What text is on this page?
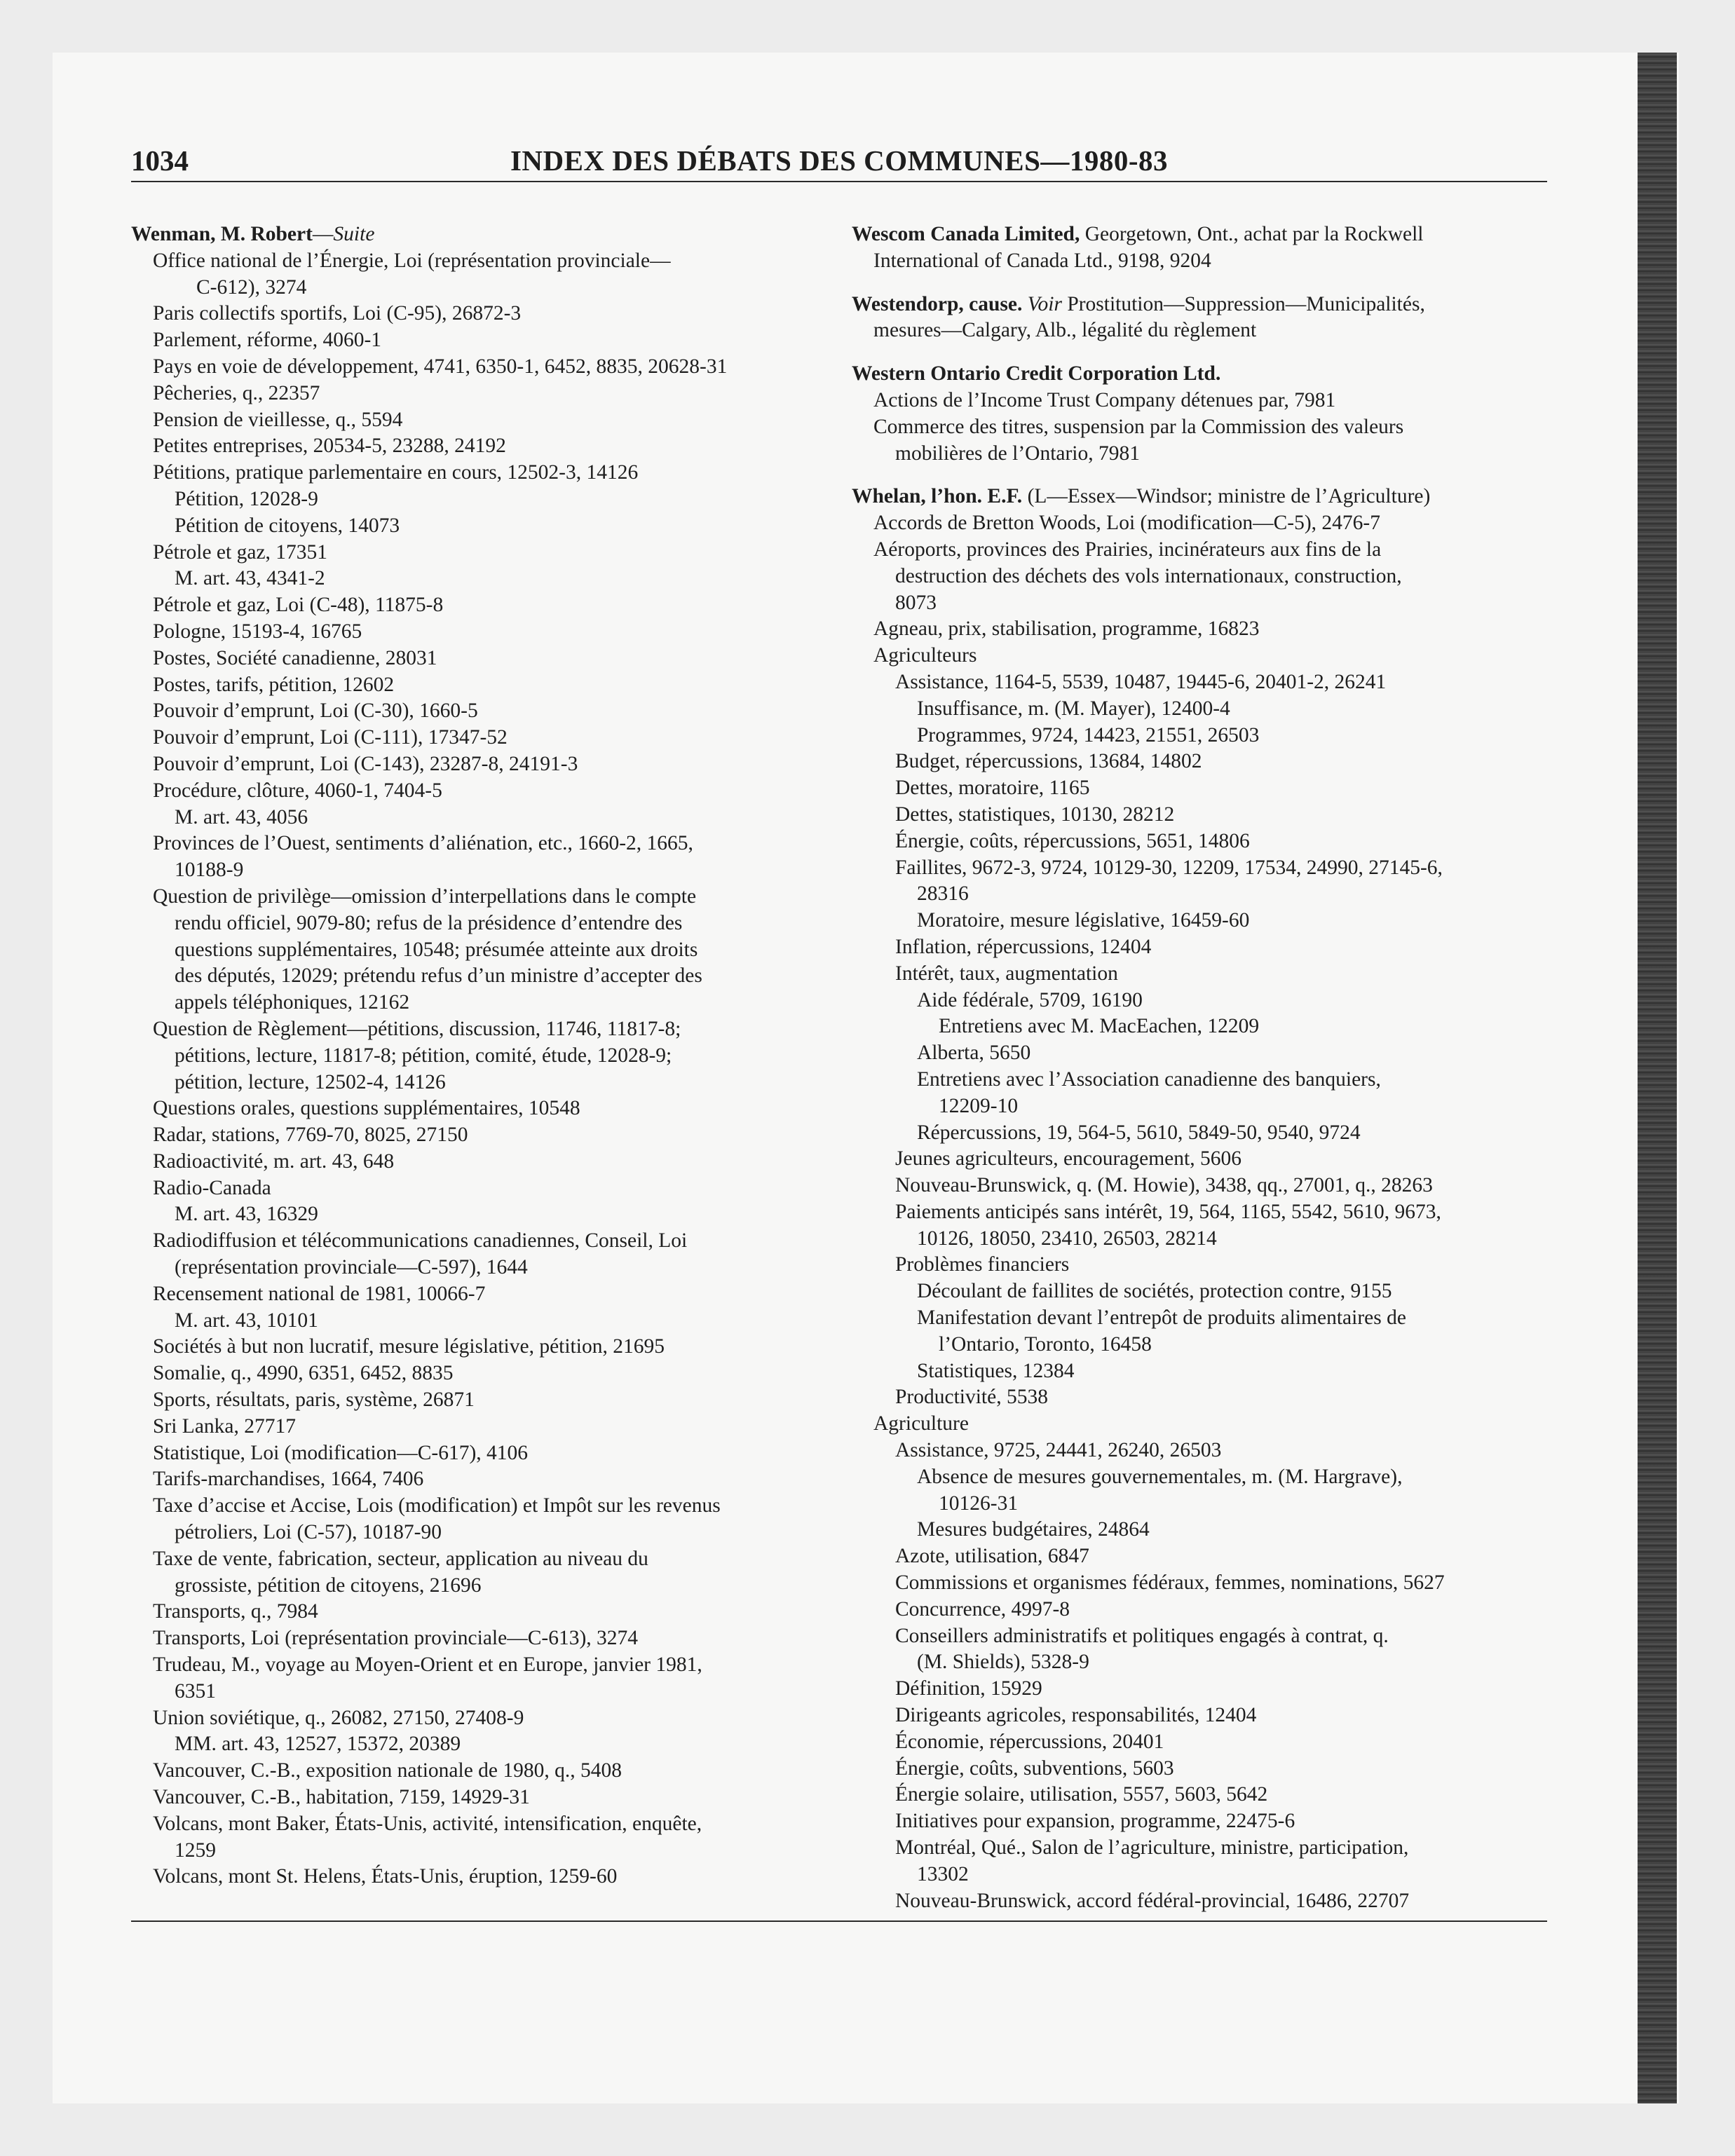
1034	INDEX DES DÉBATS DES COMMUNES—1980-83
Wenman, M. Robert—Suite
Office national de l’Énergie, Loi (représentation provinciale—
C-612), 3274
Paris collectifs sportifs, Loi (C-95), 26872-3
Parlement, réforme, 4060-1
Pays en voie de développement, 4741, 6350-1, 6452, 8835, 20628-31
Pêcheries, q., 22357
Pension de vieillesse, q., 5594
Petites entreprises, 20534-5, 23288, 24192
Pétitions, pratique parlementaire en cours, 12502-3, 14126
Pétition, 12028-9
Pétition de citoyens, 14073
Pétrole et gaz, 17351
M. art. 43, 4341-2
Pétrole et gaz, Loi (C-48), 11875-8
Pologne, 15193-4, 16765
Postes, Société canadienne, 28031
Postes, tarifs, pétition, 12602
Pouvoir d’emprunt, Loi (C-30), 1660-5
Pouvoir d’emprunt, Loi (C-111), 17347-52
Pouvoir d’emprunt, Loi (C-143), 23287-8, 24191-3
Procédure, clôture, 4060-1, 7404-5
M. art. 43, 4056
Provinces de l’Ouest, sentiments d’aliénation, etc., 1660-2, 1665,
10188-9
Question de privilège—omission d’interpellations dans le compte
rendu officiel, 9079-80; refus de la présidence d’entendre des
questions supplémentaires, 10548; présumée atteinte aux droits
des députés, 12029; prétendu refus d’un ministre d’accepter des
appels téléphoniques, 12162
Question de Règlement—pétitions, discussion, 11746, 11817-8;
pétitions, lecture, 11817-8; pétition, comité, étude, 12028-9;
pétition, lecture, 12502-4, 14126
Questions orales, questions supplémentaires, 10548
Radar, stations, 7769-70, 8025, 27150
Radioactivité, m. art. 43, 648
Radio-Canada
M. art. 43, 16329
Radiodiffusion et télécommunications canadiennes, Conseil, Loi
(représentation provinciale—C-597), 1644
Recensement national de 1981, 10066-7
M. art. 43, 10101
Sociétés à but non lucratif, mesure législative, pétition, 21695
Somalie, q., 4990, 6351, 6452, 8835
Sports, résultats, paris, système, 26871
Sri Lanka, 27717
Statistique, Loi (modification—C-617), 4106
Tarifs-marchandises, 1664, 7406
Taxe d’accise et Accise, Lois (modification) et Impôt sur les revenus
pétroliers, Loi (C-57), 10187-90
Taxe de vente, fabrication, secteur, application au niveau du
grossiste, pétition de citoyens, 21696
Transports, q., 7984
Transports, Loi (représentation provinciale—C-613), 3274
Trudeau, M., voyage au Moyen-Orient et en Europe, janvier 1981,
6351
Union soviétique, q., 26082, 27150, 27408-9
MM. art. 43, 12527, 15372, 20389
Vancouver, C.-B., exposition nationale de 1980, q., 5408
Vancouver, C.-B., habitation, 7159, 14929-31
Volcans, mont Baker, États-Unis, activité, intensification, enquête,
1259
Volcans, mont St. Helens, États-Unis, éruption, 1259-60
Wescom Canada Limited, Georgetown, Ont., achat par la Rockwell
International of Canada Ltd., 9198, 9204
Westendorp, cause. Voir Prostitution—Suppression—Municipalités,
mesures—Calgary, Alb., légalité du règlement
Western Ontario Credit Corporation Ltd.
Actions de l’Income Trust Company détenues par, 7981
Commerce des titres, suspension par la Commission des valeurs
mobilières de l’Ontario, 7981
Whelan, l’hon. E.F. (L—Essex—Windsor; ministre de l’Agriculture)
Accords de Bretton Woods, Loi (modification—C-5), 2476-7
Aéroports, provinces des Prairies, incinérateurs aux fins de la
destruction des déchets des vols internationaux, construction,
8073
Agneau, prix, stabilisation, programme, 16823
Agriculteurs
Assistance, 1164-5, 5539, 10487, 19445-6, 20401-2, 26241
Insuffisance, m. (M. Mayer), 12400-4
Programmes, 9724, 14423, 21551, 26503
Budget, répercussions, 13684, 14802
Dettes, moratoire, 1165
Dettes, statistiques, 10130, 28212
Énergie, coûts, répercussions, 5651, 14806
Faillites, 9672-3, 9724, 10129-30, 12209, 17534, 24990, 27145-6,
28316
Moratoire, mesure législative, 16459-60
Inflation, répercussions, 12404
Intérêt, taux, augmentation
Aide fédérale, 5709, 16190
Entretiens avec M. MacEachen, 12209
Alberta, 5650
Entretiens avec l’Association canadienne des banquiers,
12209-10
Répercussions, 19, 564-5, 5610, 5849-50, 9540, 9724
Jeunes agriculteurs, encouragement, 5606
Nouveau-Brunswick, q. (M. Howie), 3438, qq., 27001, q., 28263
Paiements anticipés sans intérêt, 19, 564, 1165, 5542, 5610, 9673,
10126, 18050, 23410, 26503, 28214
Problèmes financiers
Découlant de faillites de sociétés, protection contre, 9155
Manifestation devant l’entrepôt de produits alimentaires de
l’Ontario, Toronto, 16458
Statistiques, 12384
Productivité, 5538
Agriculture
Assistance, 9725, 24441, 26240, 26503
Absence de mesures gouvernementales, m. (M. Hargrave),
10126-31
Mesures budgétaires, 24864
Azote, utilisation, 6847
Commissions et organismes fédéraux, femmes, nominations, 5627
Concurrence, 4997-8
Conseillers administratifs et politiques engagés à contrat, q.
(M. Shields), 5328-9
Définition, 15929
Dirigeants agricoles, responsabilités, 12404
Économie, répercussions, 20401
Énergie, coûts, subventions, 5603
Énergie solaire, utilisation, 5557, 5603, 5642
Initiatives pour expansion, programme, 22475-6
Montréal, Qué., Salon de l’agriculture, ministre, participation,
13302
Nouveau-Brunswick, accord fédéral-provincial, 16486, 22707
